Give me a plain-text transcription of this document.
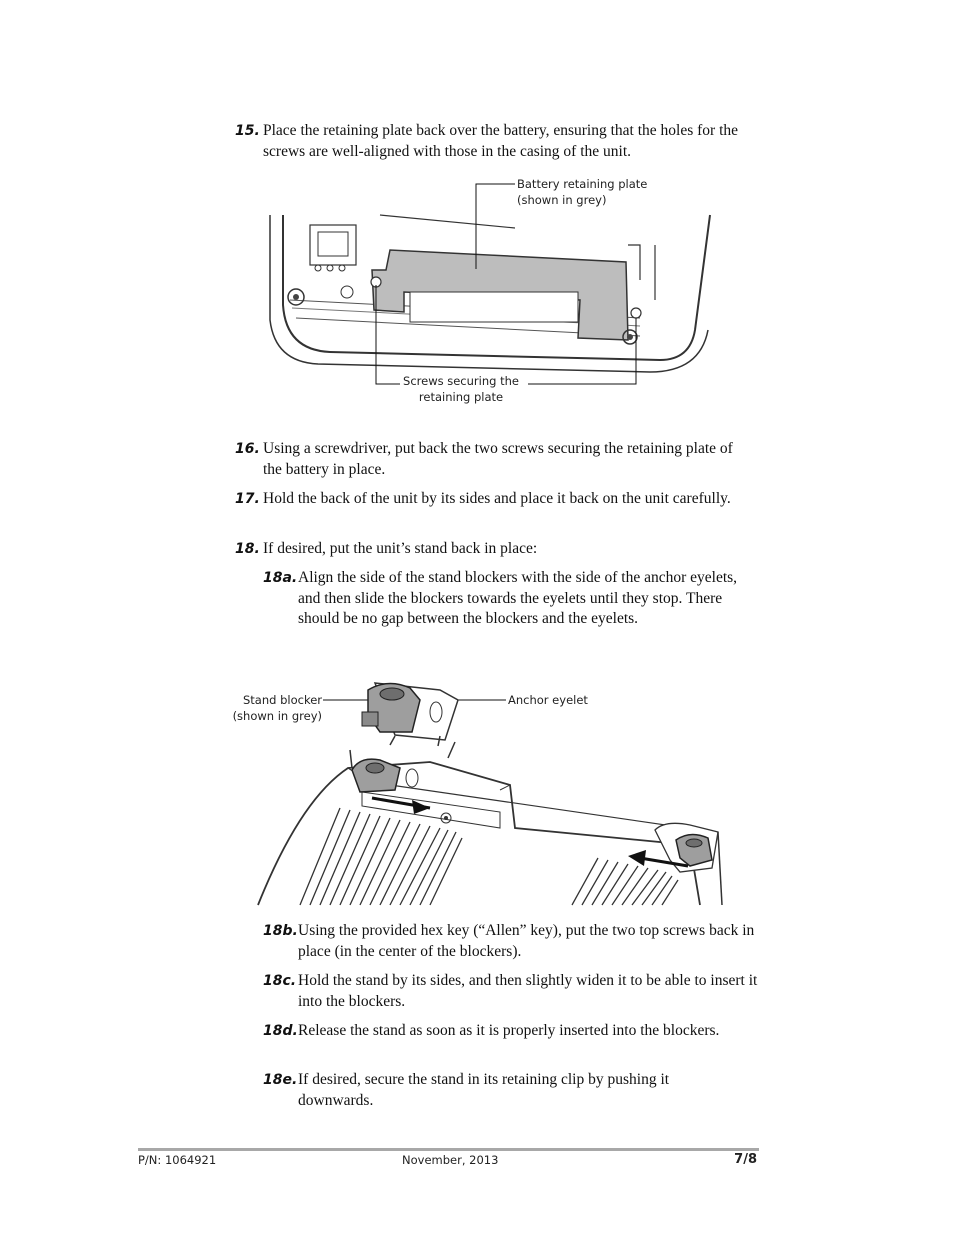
15. Place the retaining plate back over the battery, ensuring that the holes for the screws are well-aligned with those in the casing of the unit.
Battery retaining plate
(shown in grey)
Screws securing the
retaining plate
16. Using a screwdriver, put back the two screws securing the retaining plate of the battery in place.
17. Hold the back of the unit by its sides and place it back on the unit carefully.
18. If desired, put the unit’s stand back in place:
18a. Align the side of the stand blockers with the side of the anchor eyelets, and then slide the blockers towards the eyelets until they stop. There should be no gap between the blockers and the eyelets.
Stand blocker
(shown in grey)
Anchor eyelet
18b. Using the provided hex key (“Allen” key), put the two top screws back in place (in the center of the blockers).
18c. Hold the stand by its sides, and then slightly widen it to be able to insert it into the blockers.
18d. Release the stand as soon as it is properly inserted into the blockers.
18e. If desired, secure the stand in its retaining clip by pushing it downwards.
P/N: 1064921	November, 2013	7/8
